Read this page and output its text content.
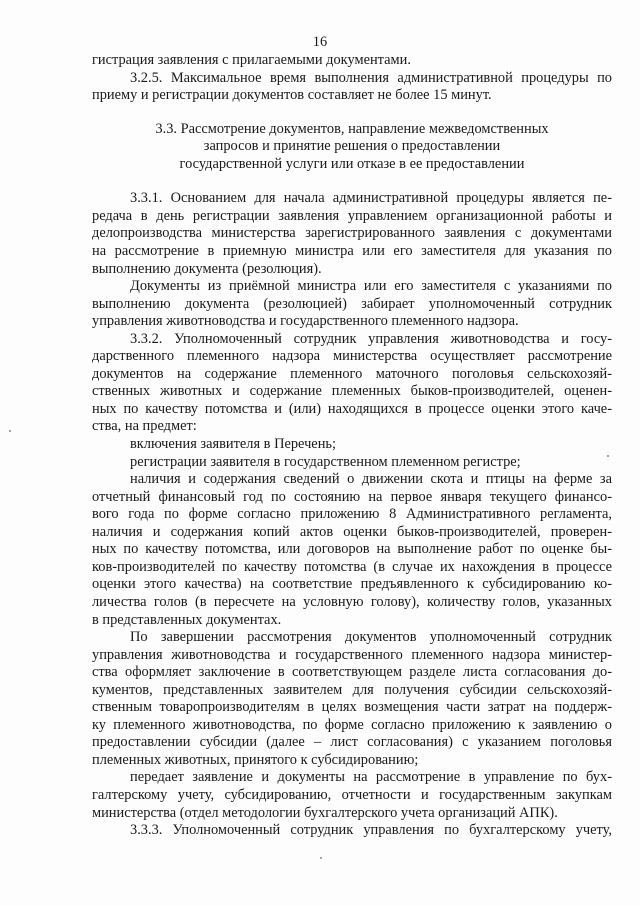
16
гистрация заявления с прилагаемыми документами.
3.2.5. Максимальное время выполнения административной процедуры по
приему и регистрации документов составляет не более 15 минут.
3.3. Рассмотрение документов, направление межведомственных
запросов и принятие решения о предоставлении
государственной услуги или отказе в ее предоставлении
3.3.1. Основанием для начала административной процедуры является пе-
редача в день регистрации заявления управлением организационной работы и
делопроизводства министерства зарегистрированного заявления с документами
на рассмотрение в приемную министра или его заместителя для указания по
выполнению документа (резолюция).
Документы из приёмной министра или его заместителя с указаниями по
выполнению документа (резолюцией) забирает уполномоченный сотрудник
управления животноводства и государственного племенного надзора.
3.3.2. Уполномоченный сотрудник управления животноводства и госу-
дарственного племенного надзора министерства осуществляет рассмотрение
документов на содержание племенного маточного поголовья сельскохозяй-
ственных животных и содержание племенных быков-производителей, оценен-
ных по качеству потомства и (или) находящихся в процессе оценки этого каче-
ства, на предмет:
включения заявителя в Перечень;
регистрации заявителя в государственном племенном регистре;
наличия и содержания сведений о движении скота и птицы на ферме за
отчетный финансовый год по состоянию на первое января текущего финансо-
вого года по форме согласно приложению 8 Административного регламента,
наличия и содержания копий актов оценки быков-производителей, проверен-
ных по качеству потомства, или договоров на выполнение работ по оценке бы-
ков-производителей по качеству потомства (в случае их нахождения в процессе
оценки этого качества) на соответствие предъявленного к субсидированию ко-
личества голов (в пересчете на условную голову), количеству голов, указанных
в представленных документах.
По завершении рассмотрения документов уполномоченный сотрудник
управления животноводства и государственного племенного надзора министер-
ства оформляет заключение в соответствующем разделе листа согласования до-
кументов, представленных заявителем для получения субсидии сельскохозяй-
ственным товаропроизводителям в целях возмещения части затрат на поддерж-
ку племенного животноводства, по форме согласно приложению к заявлению о
предоставлении субсидии (далее – лист согласования) с указанием поголовья
племенных животных, принятого к субсидированию;
передает заявление и документы на рассмотрение в управление по бух-
галтерскому учету, субсидированию, отчетности и государственным закупкам
министерства (отдел методологии бухгалтерского учета организаций АПК).
3.3.3. Уполномоченный сотрудник управления по бухгалтерскому учету,
